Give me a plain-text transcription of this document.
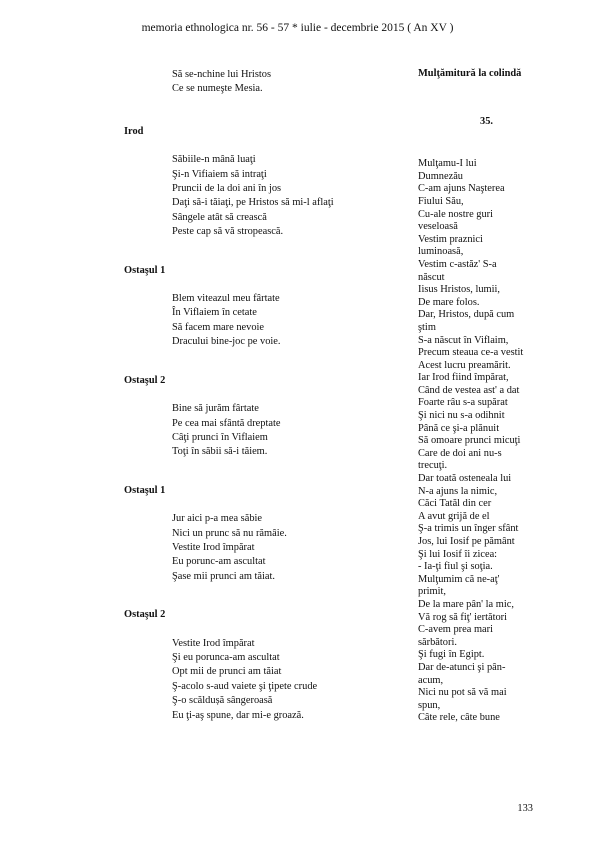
memoria ethnologica nr. 56 - 57 * iulie - decembrie 2015 ( An XV )
Să se-nchine lui Hristos
Ce se numeşte Mesia.
Irod
Săbiile-n mână luaţi
Şi-n Vifiaiem să intraţi
Pruncii de la doi ani în jos
Daţi să-i tăiaţi, pe Hristos să mi-l aflaţi
Sângele atât să crească
Peste cap să vă stropească.
Ostaşul 1
Blem viteazul meu fârtate
În Viflaiem în cetate
Să facem mare nevoie
Dracului bine-joc pe voie.
Ostaşul 2
Bine să jurăm fârtate
Pe cea mai sfântă dreptate
Câţi prunci în Viflaiem
Toţi în săbii să-i tăiem.
Ostaşul 1
Jur aici p-a mea săbie
Nici un prunc să nu rămâie.
Vestite Irod împărat
Eu porunc-am ascultat
Şase mii prunci am tăiat.
Ostaşul 2
Vestite Irod împărat
Şi eu porunca-am ascultat
Opt mii de prunci am tăiat
Ş-acolo s-aud vaiete şi ţipete crude
Ş-o scăldușă sângeroasă
Eu ţi-aş spune, dar mi-e groază.
Mulţămitură la colindă
35.
Mulţamu-I lui
Dumnezău
C-am ajuns Naşterea
Fiului Său,
Cu-ale nostre guri
veseloasă
Vestim praznici
luminoasă,
Vestim c-astăz' S-a
născut
Iisus Hristos, lumii,
De mare folos.
Dar, Hristos, după cum
ştim
S-a născut în Viflaim,
Precum steaua ce-a vestit
Acest lucru preamărit.
Iar Irod fiind împărat,
Când de vestea ast' a dat
Foarte râu s-a supărat
Şi nici nu s-a odihnit
Până ce şi-a plănuit
Să omoare prunci micuţi
Care de doi ani nu-s
trecuţi.
Dar toată osteneala lui
N-a ajuns la nimic,
Căci Tatăl din cer
A avut grijă de el
Ş-a trimis un înger sfânt
Jos, lui Iosif pe pământ
Şi lui Iosif îi zicea:
- Ia-ţi fiul şi soţia.
Mulţumim că ne-aţ'
primit,
De la mare pân' la mic,
Vă rog să fiţ' iertători
C-avem prea mari
sărbători.
Şi fugi în Egipt.
Dar de-atunci şi pân-
acum,
Nici nu pot să vă mai
spun,
Câte rele, câte bune
133
